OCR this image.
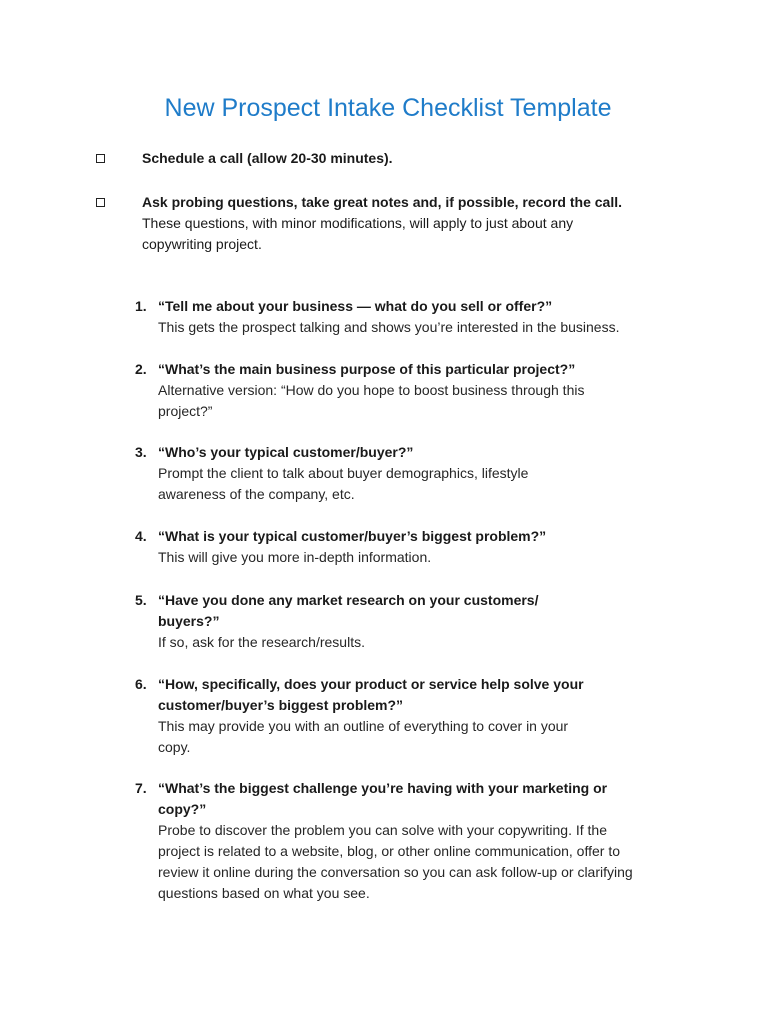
New Prospect Intake Checklist Template
Schedule a call (allow 20-30 minutes).
Ask probing questions, take great notes and, if possible, record the call.
These questions, with minor modifications, will apply to just about any copywriting project.
1. “Tell me about your business — what do you sell or offer?”
This gets the prospect talking and shows you’re interested in the business.
2. “What’s the main business purpose of this particular project?”
Alternative version: “How do you hope to boost business through this project?”
3. “Who’s your typical customer/buyer?”
Prompt the client to talk about buyer demographics, lifestyle awareness of the company, etc.
4. “What is your typical customer/buyer’s biggest problem?”
This will give you more in-depth information.
5. “Have you done any market research on your customers/ buyers?”
If so, ask for the research/results.
6. “How, specifically, does your product or service help solve your customer/buyer’s biggest problem?”
This may provide you with an outline of everything to cover in your copy.
7. “What’s the biggest challenge you’re having with your marketing or copy?”
Probe to discover the problem you can solve with your copywriting. If the project is related to a website, blog, or other online communication, offer to review it online during the conversation so you can ask follow-up or clarifying questions based on what you see.
